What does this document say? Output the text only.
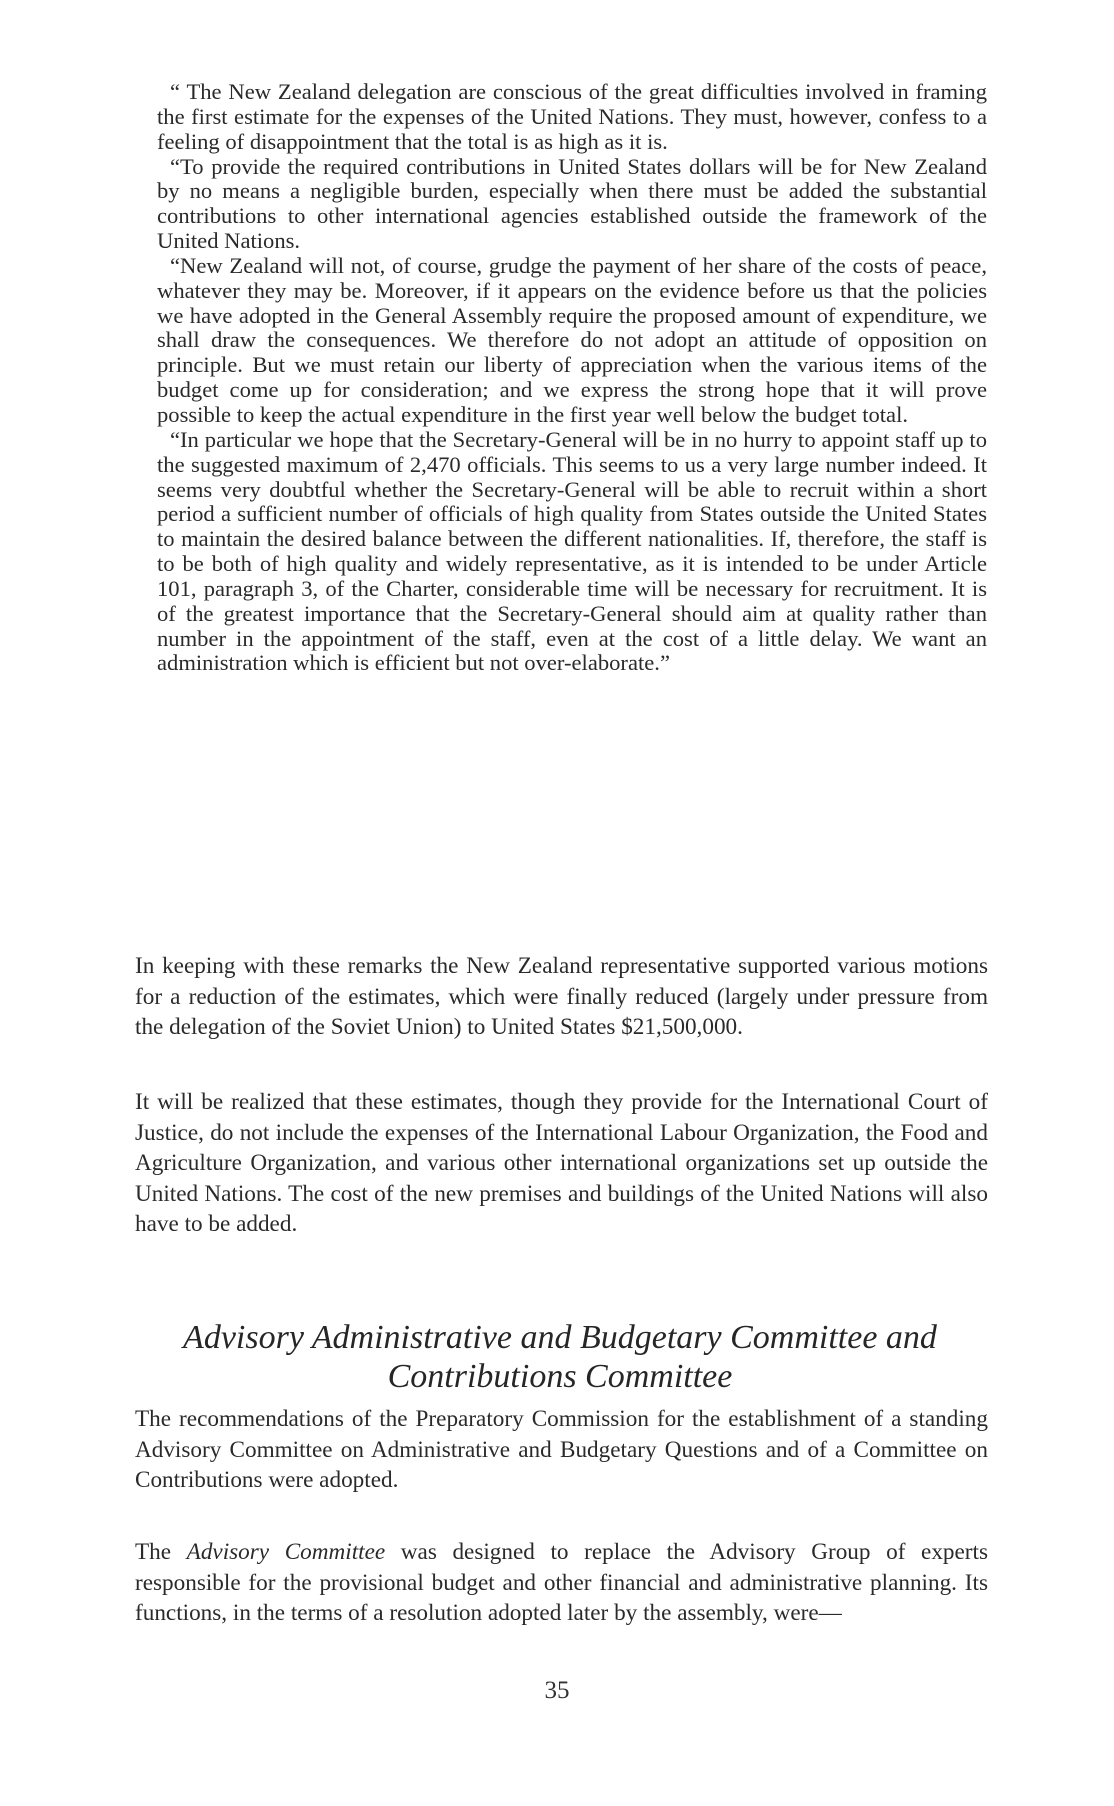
“ The New Zealand delegation are conscious of the great difficulties involved in framing the first estimate for the expenses of the United Nations. They must, however, confess to a feeling of disappointment that the total is as high as it is.

“To provide the required contributions in United States dollars will be for New Zealand by no means a negligible burden, especially when there must be added the substantial contributions to other international agencies established outside the framework of the United Nations.

“New Zealand will not, of course, grudge the payment of her share of the costs of peace, whatever they may be. Moreover, if it appears on the evidence before us that the policies we have adopted in the General Assembly require the proposed amount of expenditure, we shall draw the consequences. We therefore do not adopt an attitude of opposition on principle. But we must retain our liberty of appreciation when the various items of the budget come up for consideration; and we express the strong hope that it will prove possible to keep the actual expenditure in the first year well below the budget total.

“In particular we hope that the Secretary-General will be in no hurry to appoint staff up to the suggested maximum of 2,470 officials. This seems to us a very large number indeed. It seems very doubtful whether the Secretary-General will be able to recruit within a short period a sufficient number of officials of high quality from States outside the United States to maintain the desired balance between the different nationalities. If, therefore, the staff is to be both of high quality and widely representative, as it is intended to be under Article 101, paragraph 3, of the Charter, considerable time will be necessary for recruitment. It is of the greatest importance that the Secretary-General should aim at quality rather than number in the appointment of the staff, even at the cost of a little delay. We want an administration which is efficient but not over-elaborate.”

In keeping with these remarks the New Zealand representative supported various motions for a reduction of the estimates, which were finally reduced (largely under pressure from the delegation of the Soviet Union) to United States $21,500,000.

It will be realized that these estimates, though they provide for the International Court of Justice, do not include the expenses of the International Labour Organization, the Food and Agriculture Organization, and various other international organizations set up outside the United Nations. The cost of the new premises and buildings of the United Nations will also have to be added.

Advisory Administrative and Budgetary Committee and
Contributions Committee

The recommendations of the Preparatory Commission for the establishment of a standing Advisory Committee on Administrative and Budgetary Questions and of a Committee on Contributions were adopted.

The Advisory Committee was designed to replace the Advisory Group of experts responsible for the provisional budget and other financial and administrative planning. Its functions, in the terms of a resolution adopted later by the assembly, were—

35
